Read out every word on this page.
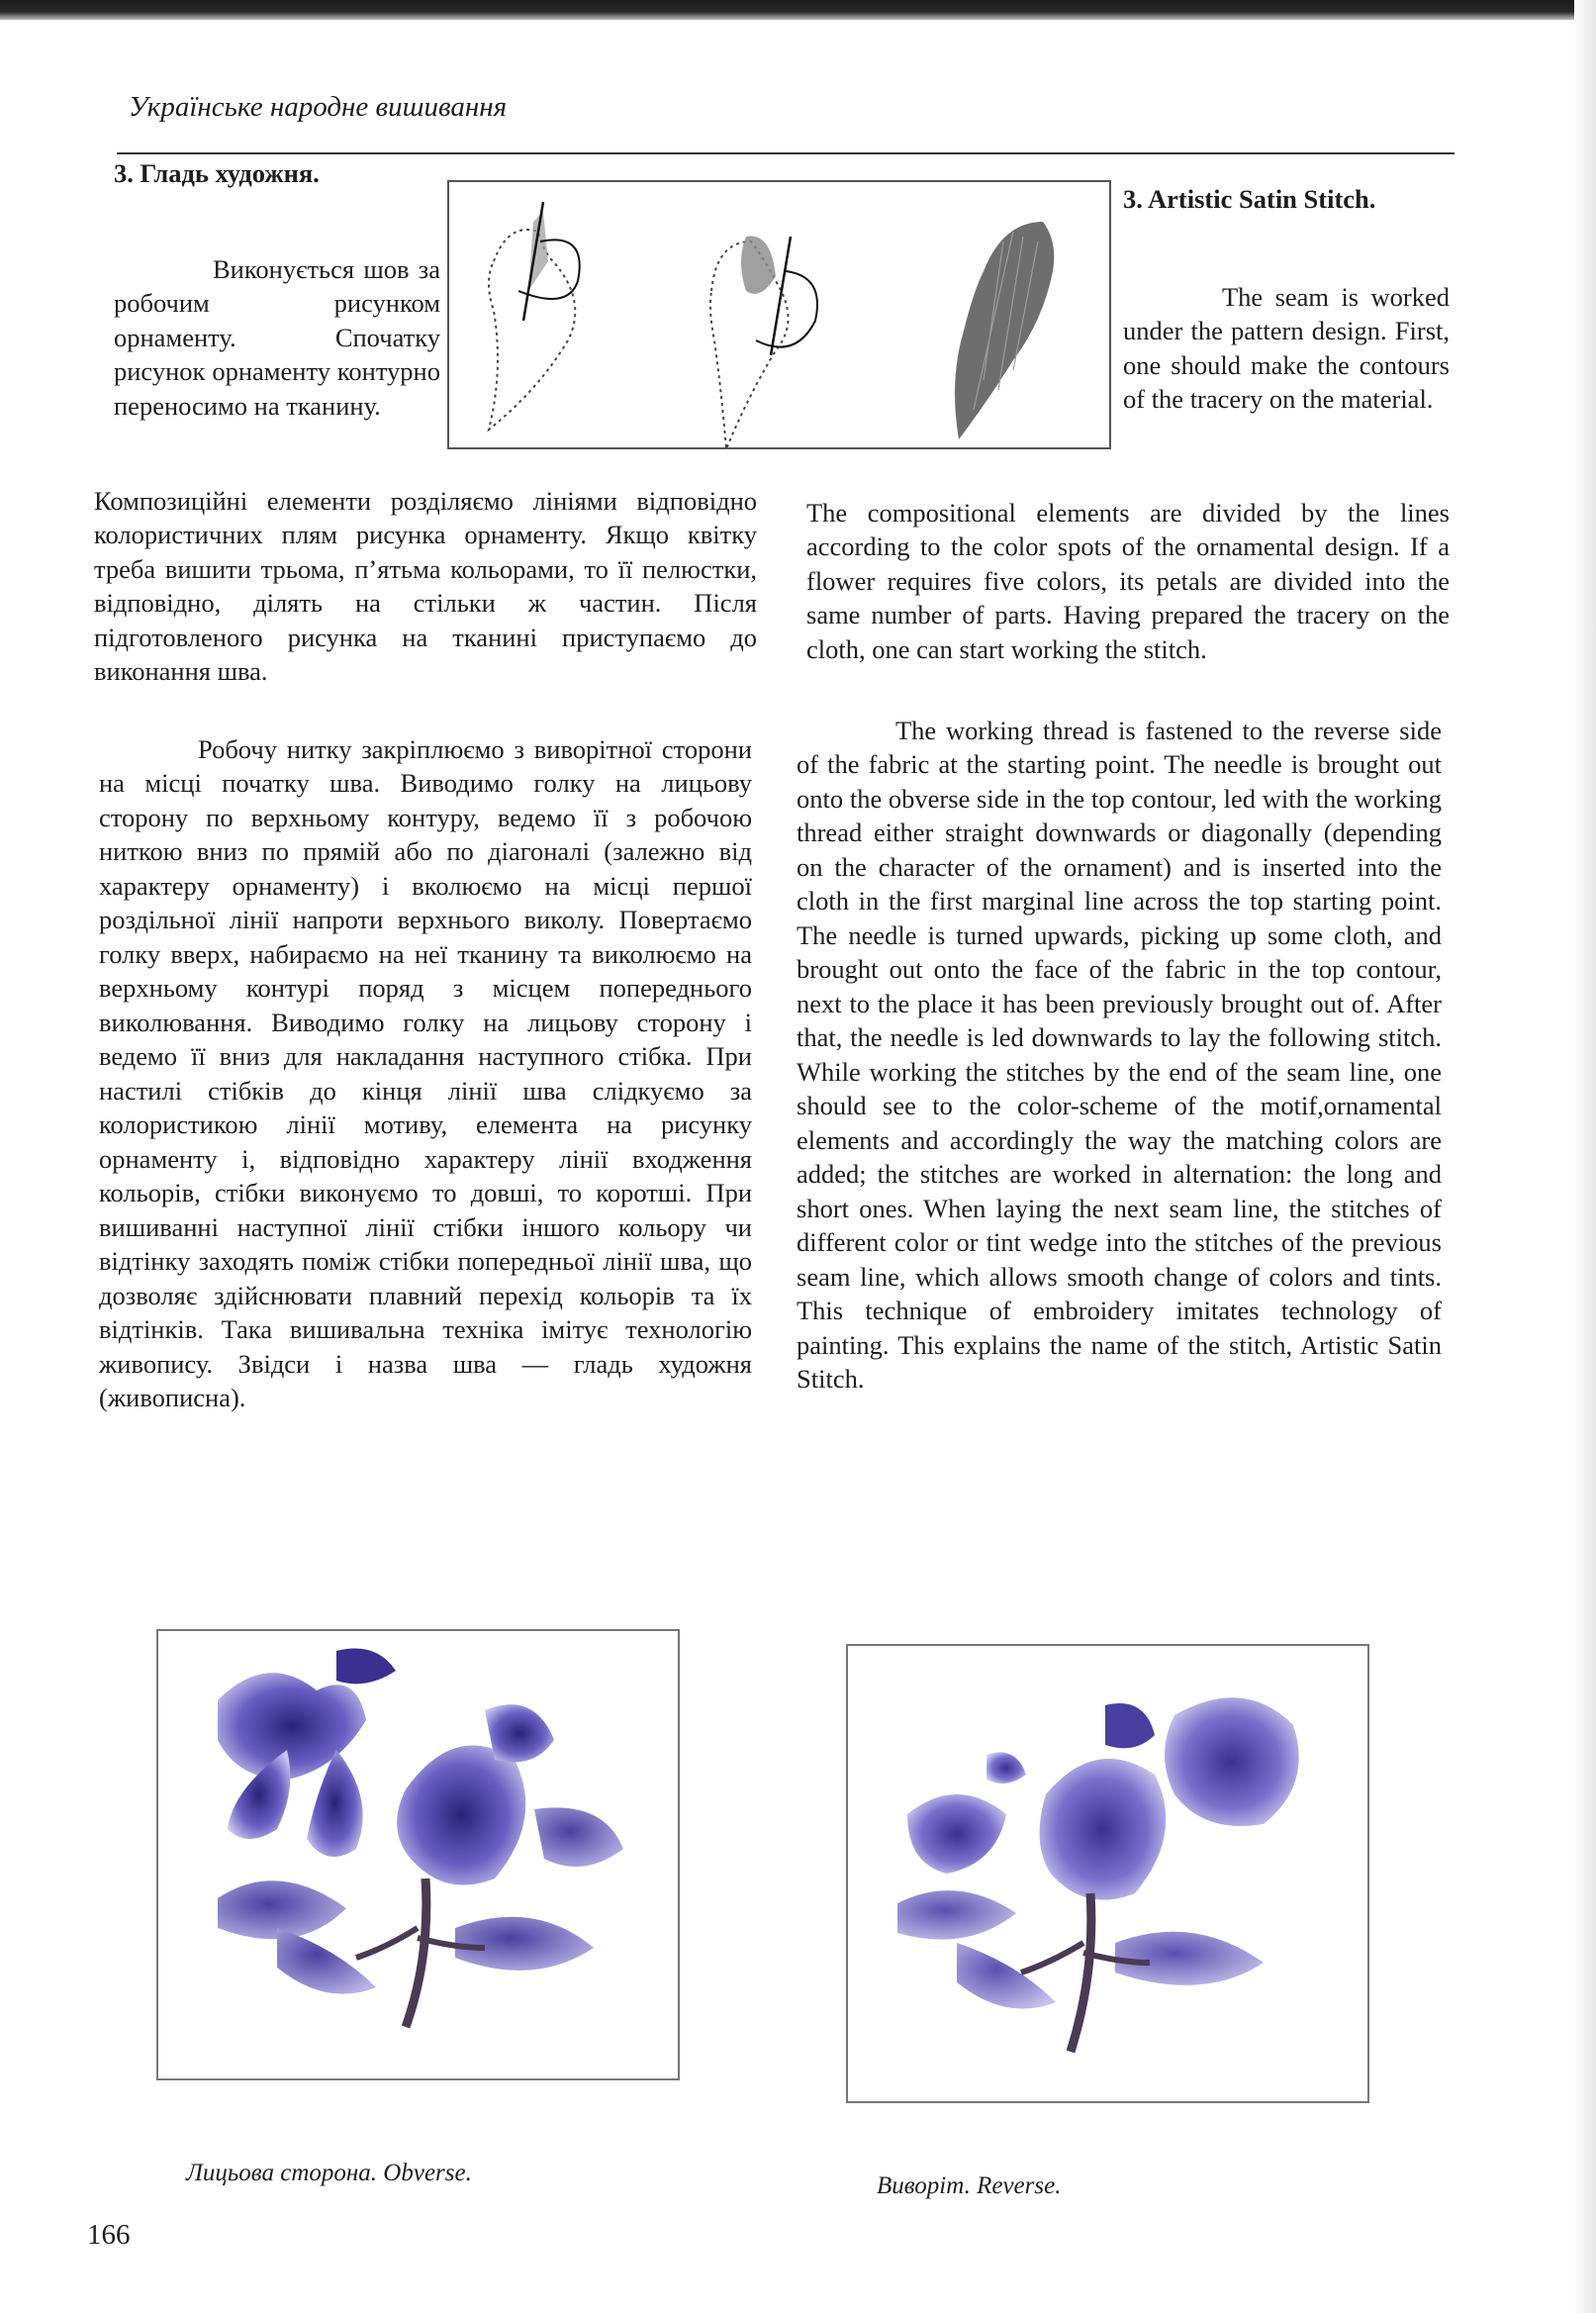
Українське народне вишивання
3. Гладь художня.

Виконується шов за робочим рисунком орнаменту. Спочатку рисунок орнаменту контурно переносимо на тканину.

Композиційні елементи розділяємо лініями відповідно колористичних плям рисунка орнаменту. Якщо квітку треба вишити трьома, п’ятьма кольорами, то її пелюстки, відповідно, ділять на стільки ж частин. Після підготовленого рисунка на тканині приступаємо до виконання шва.

Робочу нитку закріплюємо з виворітної сторони на місці початку шва. Виводимо голку на лицьову сторону по верхньому контуру, ведемо її з робочою ниткою вниз по прямій або по діагоналі (залежно від характеру орнаменту) і вколюємо на місці першої роздільної лінії напроти верхнього виколу. Повертаємо голку вверх, набираємо на неї тканину та виколюємо на верхньому контурі поряд з місцем попереднього виколювання. Виводимо голку на лицьову сторону і ведемо її вниз для накладання наступного стібка. При настилі стібків до кінця лінії шва слідкуємо за колористикою лінії мотиву, елемента на рисунку орнаменту і, відповідно характеру лінії входження кольорів, стібки виконуємо то довші, то коротші. При вишиванні наступної лінії стібки іншого кольору чи відтінку заходять поміж стібки попередньої лінії шва, що дозволяє здійснювати плавний перехід кольорів та їх відтінків. Така вишивальна техніка імітує технологію живопису. Звідси і назва шва — гладь художня (живописна).

3. Artistic Satin Stitch.

The seam is worked under the pattern design. First, one should make the contours of the tracery on the material.

The compositional elements are divided by the lines according to the color spots of the ornamental design. If a flower requires five colors, its petals are divided into the same number of parts. Having prepared the tracery on the cloth, one can start working the stitch.

The working thread is fastened to the reverse side of the fabric at the starting point. The needle is brought out onto the obverse side in the top contour, led with the working thread either straight downwards or diagonally (depending on the character of the ornament) and is inserted into the cloth in the first marginal line across the top starting point. The needle is turned upwards, picking up some cloth, and brought out onto the face of the fabric in the top contour, next to the place it has been previously brought out of. After that, the needle is led downwards to lay the following stitch. While working the stitches by the end of the seam line, one should see to the color-scheme of the motif,ornamental elements and accordingly the way the matching colors are added; the stitches are worked in alternation: the long and short ones. When laying the next seam line, the stitches of different color or tint wedge into the stitches of the previous seam line, which allows smooth change of colors and tints. This technique of embroidery imitates technology of painting. This explains the name of the stitch, Artistic Satin Stitch.

Лицьова сторона. Obverse.	Виворіт. Reverse.
166
